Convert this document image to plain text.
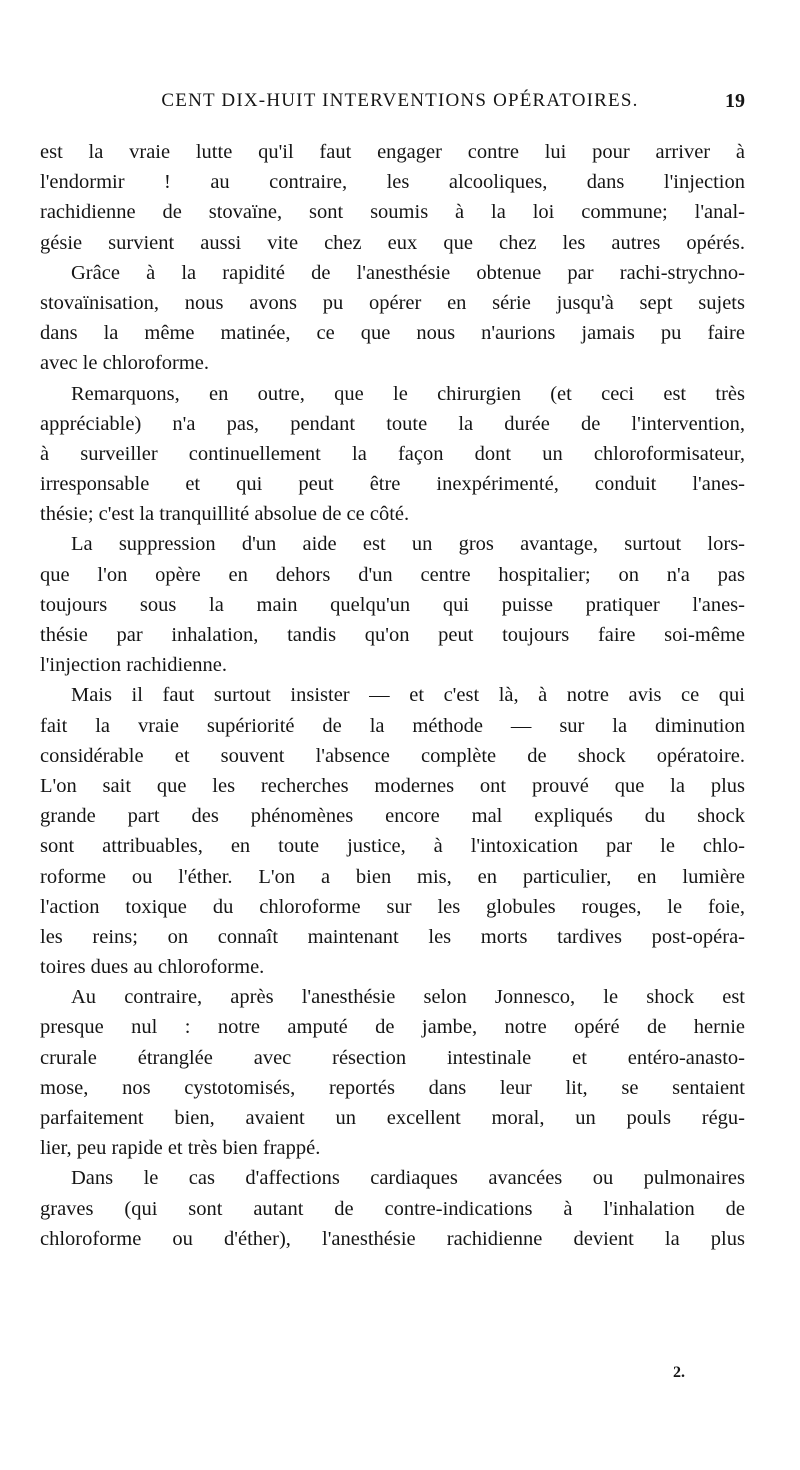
CENT DIX-HUIT INTERVENTIONS OPÉRATOIRES.	19
est la vraie lutte qu'il faut engager contre lui pour arriver à
l'endormir ! au contraire, les alcooliques, dans l'injection
rachidienne de stovaïne, sont soumis à la loi commune; l'anal-
gésie survient aussi vite chez eux que chez les autres opérés.
Grâce à la rapidité de l'anesthésie obtenue par rachi-strychno-
stovaïnisation, nous avons pu opérer en série jusqu'à sept sujets
dans la même matinée, ce que nous n'aurions jamais pu faire
avec le chloroforme.
Remarquons, en outre, que le chirurgien (et ceci est très
appréciable) n'a pas, pendant toute la durée de l'intervention,
à surveiller continuellement la façon dont un chloroformisateur,
irresponsable et qui peut être inexpérimenté, conduit l'anes-
thésie; c'est la tranquillité absolue de ce côté.
La suppression d'un aide est un gros avantage, surtout lors-
que l'on opère en dehors d'un centre hospitalier; on n'a pas
toujours sous la main quelqu'un qui puisse pratiquer l'anes-
thésie par inhalation, tandis qu'on peut toujours faire soi-même
l'injection rachidienne.
Mais il faut surtout insister — et c'est là, à notre avis ce qui
fait la vraie supériorité de la méthode — sur la diminution
considérable et souvent l'absence complète de shock opératoire.
L'on sait que les recherches modernes ont prouvé que la plus
grande part des phénomènes encore mal expliqués du shock
sont attribuables, en toute justice, à l'intoxication par le chlo-
roforme ou l'éther. L'on a bien mis, en particulier, en lumière
l'action toxique du chloroforme sur les globules rouges, le foie,
les reins; on connaît maintenant les morts tardives post-opéra-
toires dues au chloroforme.
Au contraire, après l'anesthésie selon Jonnesco, le shock est
presque nul : notre amputé de jambe, notre opéré de hernie
crurale étranglée avec résection intestinale et entéro-anasto-
mose, nos cystotomisés, reportés dans leur lit, se sentaient
parfaitement bien, avaient un excellent moral, un pouls régu-
lier, peu rapide et très bien frappé.
Dans le cas d'affections cardiaques avancées ou pulmonaires
graves (qui sont autant de contre-indications à l'inhalation de
chloroforme ou d'éther), l'anesthésie rachidienne devient la plus
2.
